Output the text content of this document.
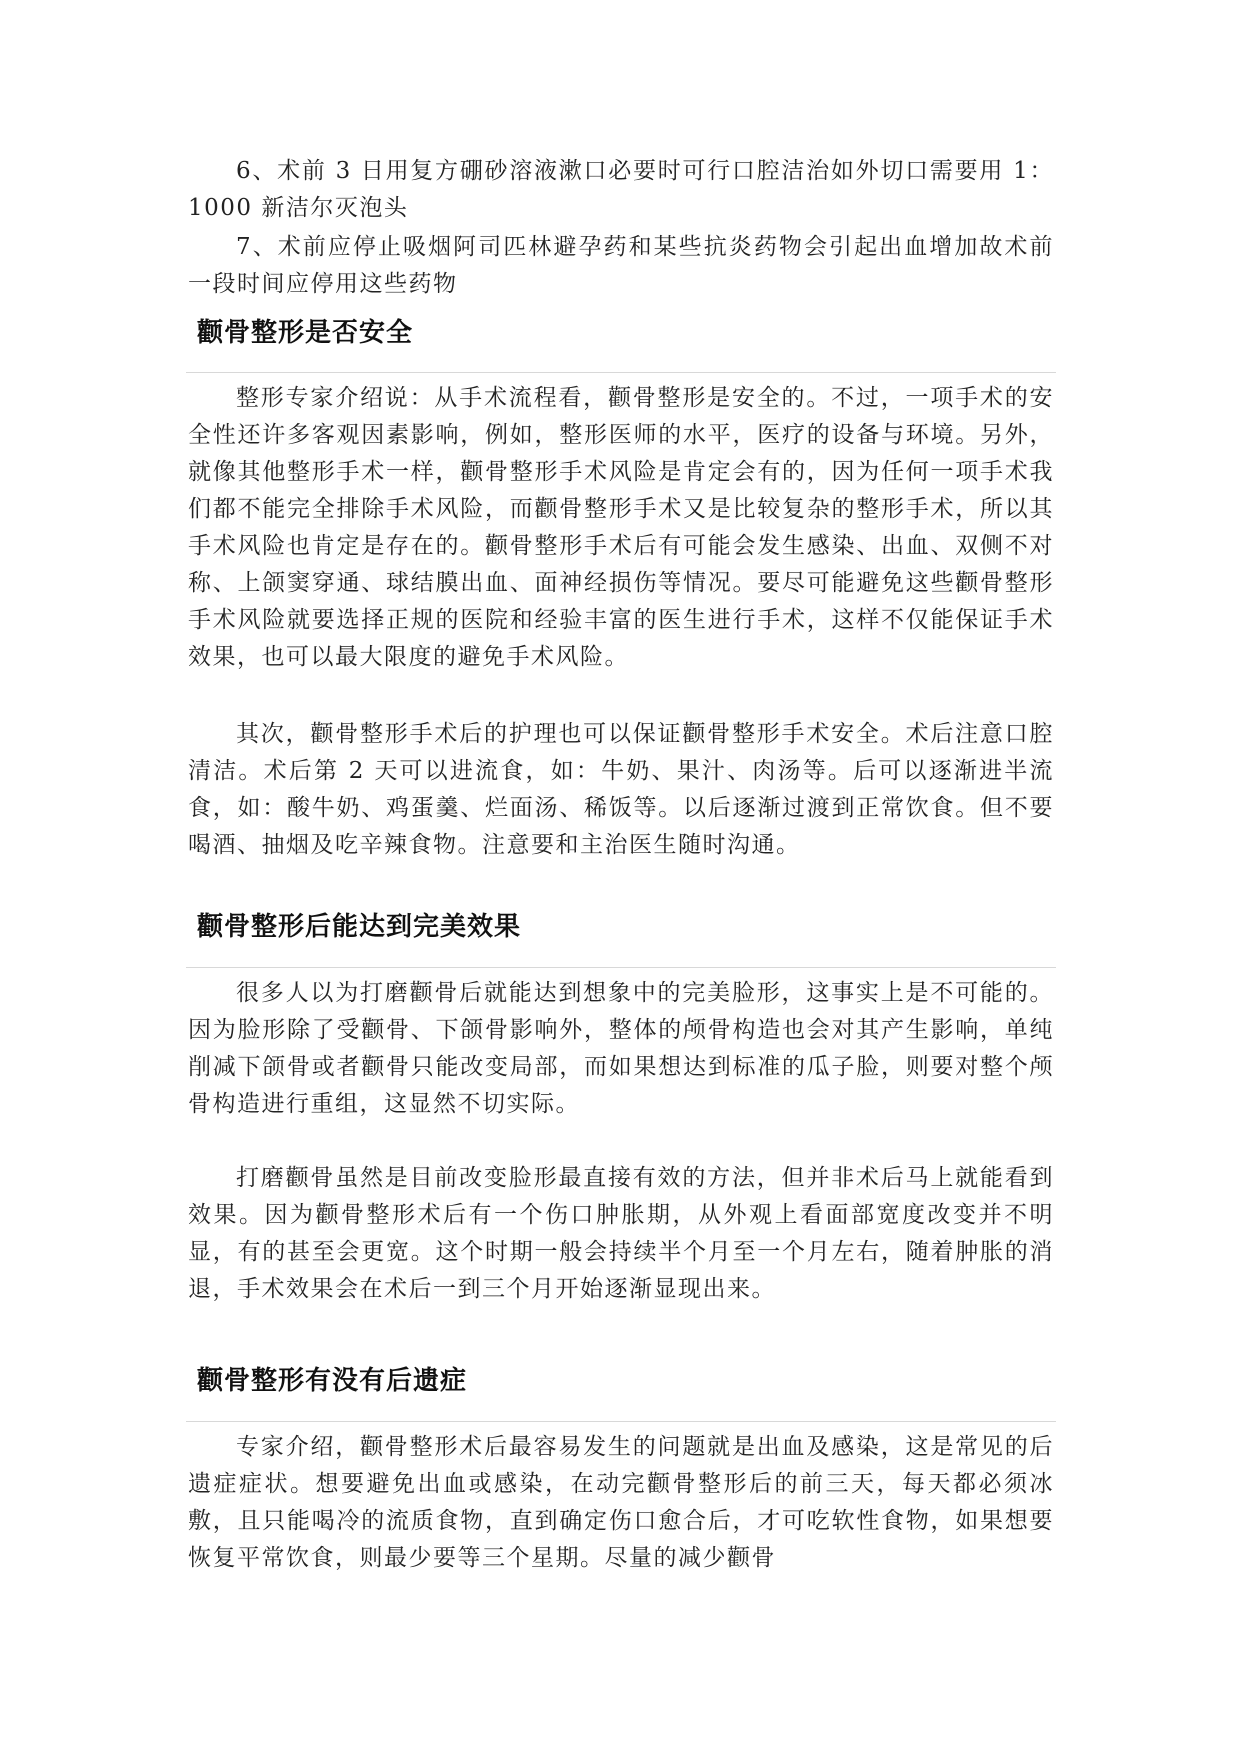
6、术前 3 日用复方硼砂溶液漱口必要时可行口腔洁治如外切口需要用 1：1000 新洁尔灭泡头

7、术前应停止吸烟阿司匹林避孕药和某些抗炎药物会引起出血增加故术前一段时间应停用这些药物

颧骨整形是否安全

整形专家介绍说：从手术流程看，颧骨整形是安全的。不过，一项手术的安全性还许多客观因素影响，例如，整形医师的水平，医疗的设备与环境。另外，就像其他整形手术一样，颧骨整形手术风险是肯定会有的，因为任何一项手术我们都不能完全排除手术风险，而颧骨整形手术又是比较复杂的整形手术，所以其手术风险也肯定是存在的。颧骨整形手术后有可能会发生感染、出血、双侧不对称、上颌窦穿通、球结膜出血、面神经损伤等情况。要尽可能避免这些颧骨整形手术风险就要选择正规的医院和经验丰富的医生进行手术，这样不仅能保证手术效果，也可以最大限度的避免手术风险。

其次，颧骨整形手术后的护理也可以保证颧骨整形手术安全。术后注意口腔清洁。术后第 2 天可以进流食，如：牛奶、果汁、肉汤等。后可以逐渐进半流食，如：酸牛奶、鸡蛋羹、烂面汤、稀饭等。以后逐渐过渡到正常饮食。但不要喝酒、抽烟及吃辛辣食物。注意要和主治医生随时沟通。

颧骨整形后能达到完美效果

很多人以为打磨颧骨后就能达到想象中的完美脸形，这事实上是不可能的。因为脸形除了受颧骨、下颌骨影响外，整体的颅骨构造也会对其产生影响，单纯削减下颌骨或者颧骨只能改变局部，而如果想达到标准的瓜子脸，则要对整个颅骨构造进行重组，这显然不切实际。

打磨颧骨虽然是目前改变脸形最直接有效的方法，但并非术后马上就能看到效果。因为颧骨整形术后有一个伤口肿胀期，从外观上看面部宽度改变并不明显，有的甚至会更宽。这个时期一般会持续半个月至一个月左右，随着肿胀的消退，手术效果会在术后一到三个月开始逐渐显现出来。

颧骨整形有没有后遗症

专家介绍，颧骨整形术后最容易发生的问题就是出血及感染，这是常见的后遗症症状。想要避免出血或感染，在动完颧骨整形后的前三天，每天都必须冰敷，且只能喝冷的流质食物，直到确定伤口愈合后，才可吃软性食物，如果想要恢复平常饮食，则最少要等三个星期。尽量的减少颧骨
